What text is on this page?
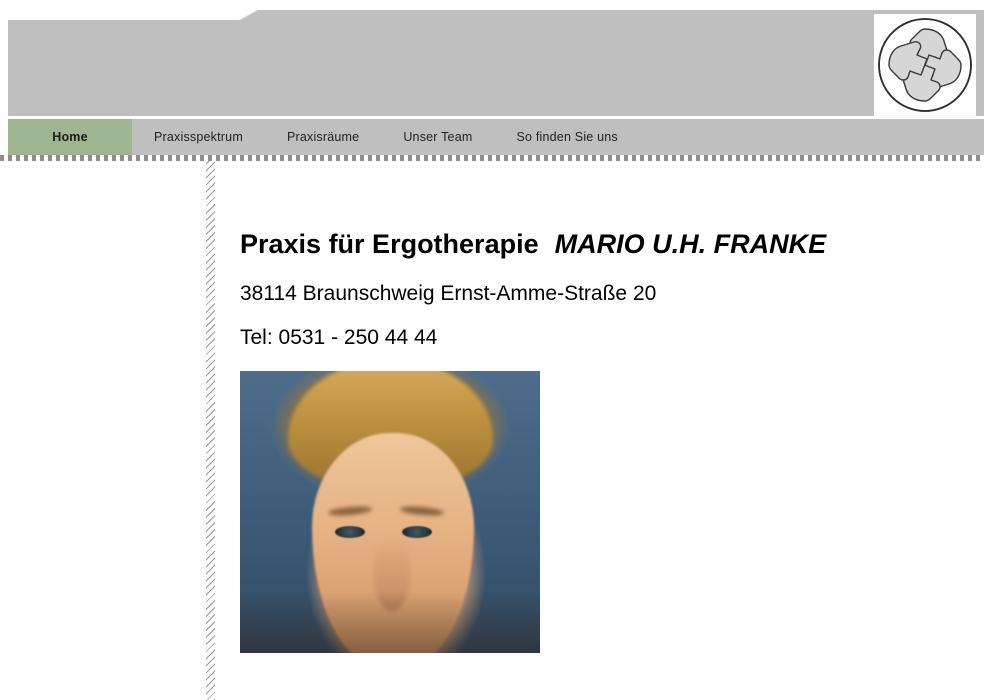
Home	Praxisspektrum	Praxisräume	Unser Team	So finden Sie uns
Praxis für Ergotherapie MARIO U.H. FRANKE

38114 Braunschweig Ernst-Amme-Straße 20

Tel: 0531 - 250 44 44
